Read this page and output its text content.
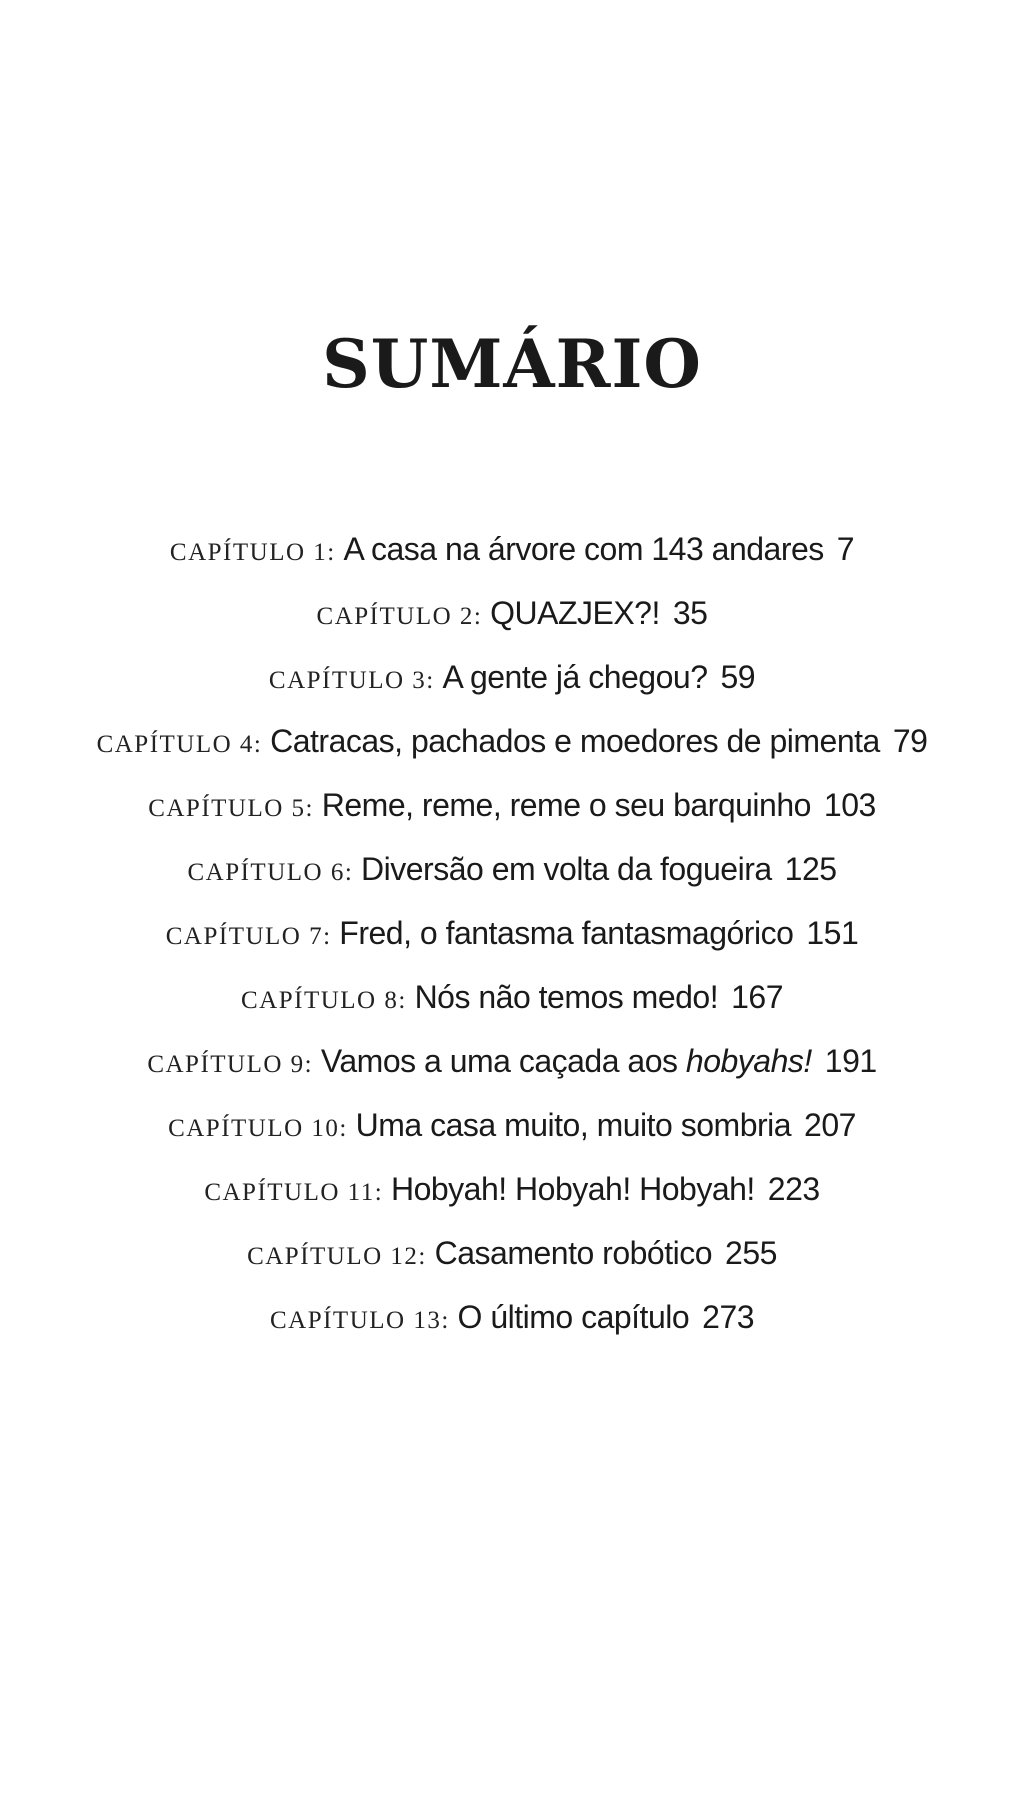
SUMÁRIO
CAPÍTULO 1: A casa na árvore com 143 andares 7
CAPÍTULO 2: QUAZJEX?! 35
CAPÍTULO 3: A gente já chegou? 59
CAPÍTULO 4: Catracas, pachados e moedores de pimenta 79
CAPÍTULO 5: Reme, reme, reme o seu barquinho 103
CAPÍTULO 6: Diversão em volta da fogueira 125
CAPÍTULO 7: Fred, o fantasma fantasmagórico 151
CAPÍTULO 8: Nós não temos medo! 167
CAPÍTULO 9: Vamos a uma caçada aos hobyahs! 191
CAPÍTULO 10: Uma casa muito, muito sombria 207
CAPÍTULO 11: Hobyah! Hobyah! Hobyah! 223
CAPÍTULO 12: Casamento robótico 255
CAPÍTULO 13: O último capítulo 273
